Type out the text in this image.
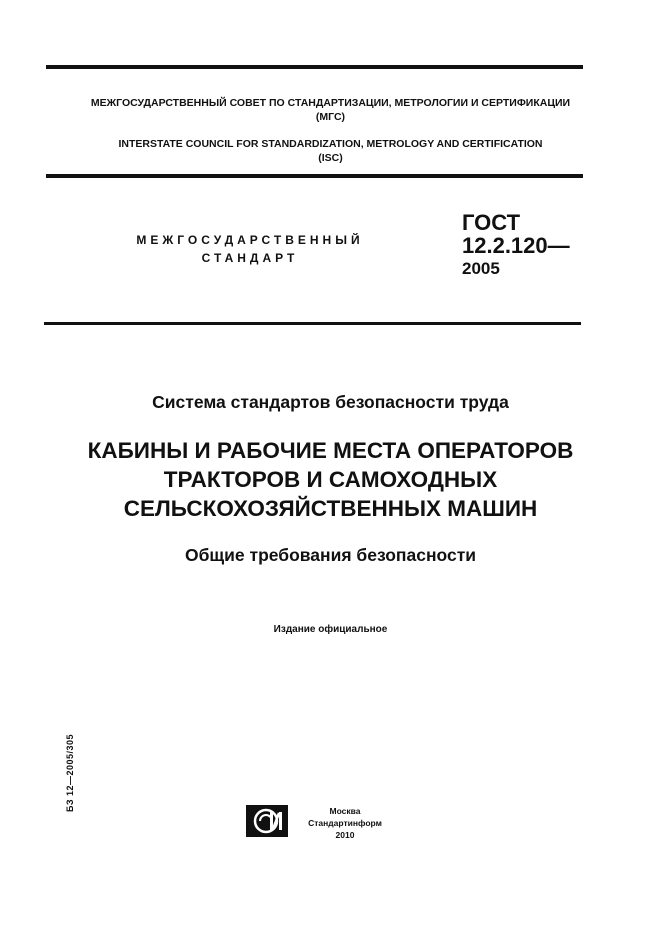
МЕЖГОСУДАРСТВЕННЫЙ СОВЕТ ПО СТАНДАРТИЗАЦИИ, МЕТРОЛОГИИ И СЕРТИФИКАЦИИ
(МГС)
INTERSTATE COUNCIL FOR STANDARDIZATION, METROLOGY AND CERTIFICATION
(ISC)
МЕЖГОСУДАРСТВЕННЫЙ
СТАНДАРТ
ГОСТ
12.2.120—
2005
Система стандартов безопасности труда
КАБИНЫ И РАБОЧИЕ МЕСТА ОПЕРАТОРОВ
ТРАКТОРОВ И САМОХОДНЫХ
СЕЛЬСКОХОЗЯЙСТВЕННЫХ МАШИН
Общие требования безопасности
Издание официальное
БЗ 12—2005/305	Москва
Стандартинформ
2010
